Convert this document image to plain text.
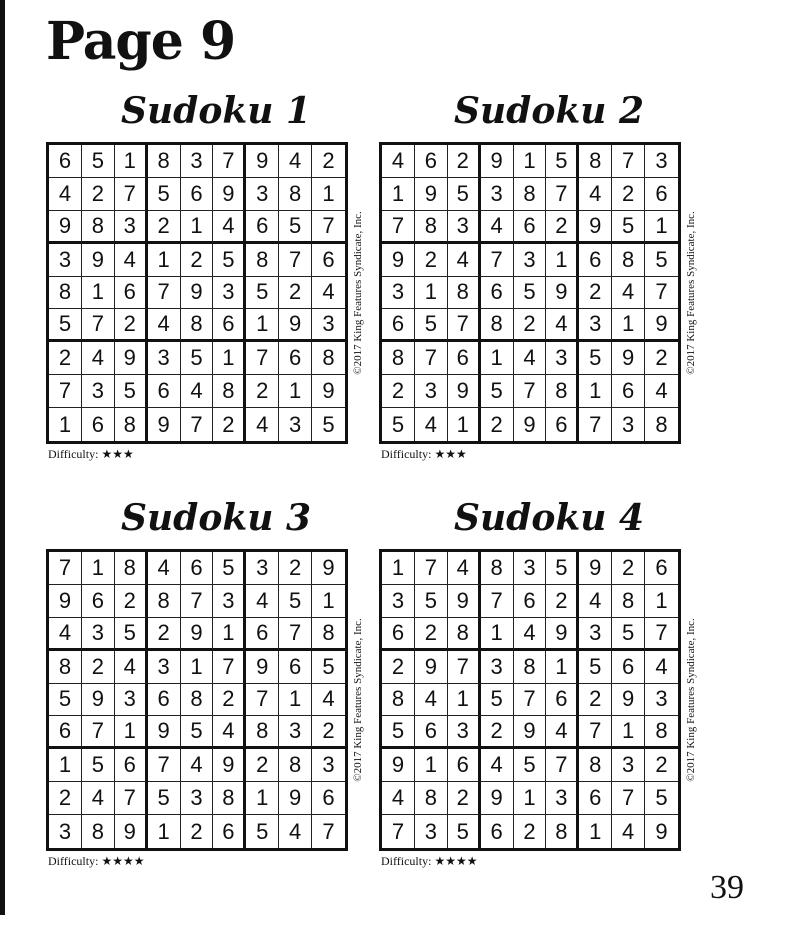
Page 9
Sudoku 1
6 5 1 8 3 7 9 4 2
4 2 7 5 6 9 3 8 1
9 8 3 2 1 4 6 5 7
3 9 4 1 2 5 8 7 6
8 1 6 7 9 3 5 2 4
5 7 2 4 8 6 1 9 3
2 4 9 3 5 1 7 6 8
7 3 5 6 4 8 2 1 9
1 6 8 9 7 2 4 3 5
Difficulty: ★★★
©2017 King Features Syndicate, Inc.
Sudoku 2
4 6 2 9 1 5 8 7 3
1 9 5 3 8 7 4 2 6
7 8 3 4 6 2 9 5 1
9 2 4 7 3 1 6 8 5
3 1 8 6 5 9 2 4 7
6 5 7 8 2 4 3 1 9
8 7 6 1 4 3 5 9 2
2 3 9 5 7 8 1 6 4
5 4 1 2 9 6 7 3 8
Difficulty: ★★★
©2017 King Features Syndicate, Inc.
Sudoku 3
7 1 8 4 6 5 3 2 9
9 6 2 8 7 3 4 5 1
4 3 5 2 9 1 6 7 8
8 2 4 3 1 7 9 6 5
5 9 3 6 8 2 7 1 4
6 7 1 9 5 4 8 3 2
1 5 6 7 4 9 2 8 3
2 4 7 5 3 8 1 9 6
3 8 9 1 2 6 5 4 7
Difficulty: ★★★★
©2017 King Features Syndicate, Inc.
Sudoku 4
1 7 4 8 3 5 9 2 6
3 5 9 7 6 2 4 8 1
6 2 8 1 4 9 3 5 7
2 9 7 3 8 1 5 6 4
8 4 1 5 7 6 2 9 3
5 6 3 2 9 4 7 1 8
9 1 6 4 5 7 8 3 2
4 8 2 9 1 3 6 7 5
7 3 5 6 2 8 1 4 9
Difficulty: ★★★★
©2017 King Features Syndicate, Inc.
39
